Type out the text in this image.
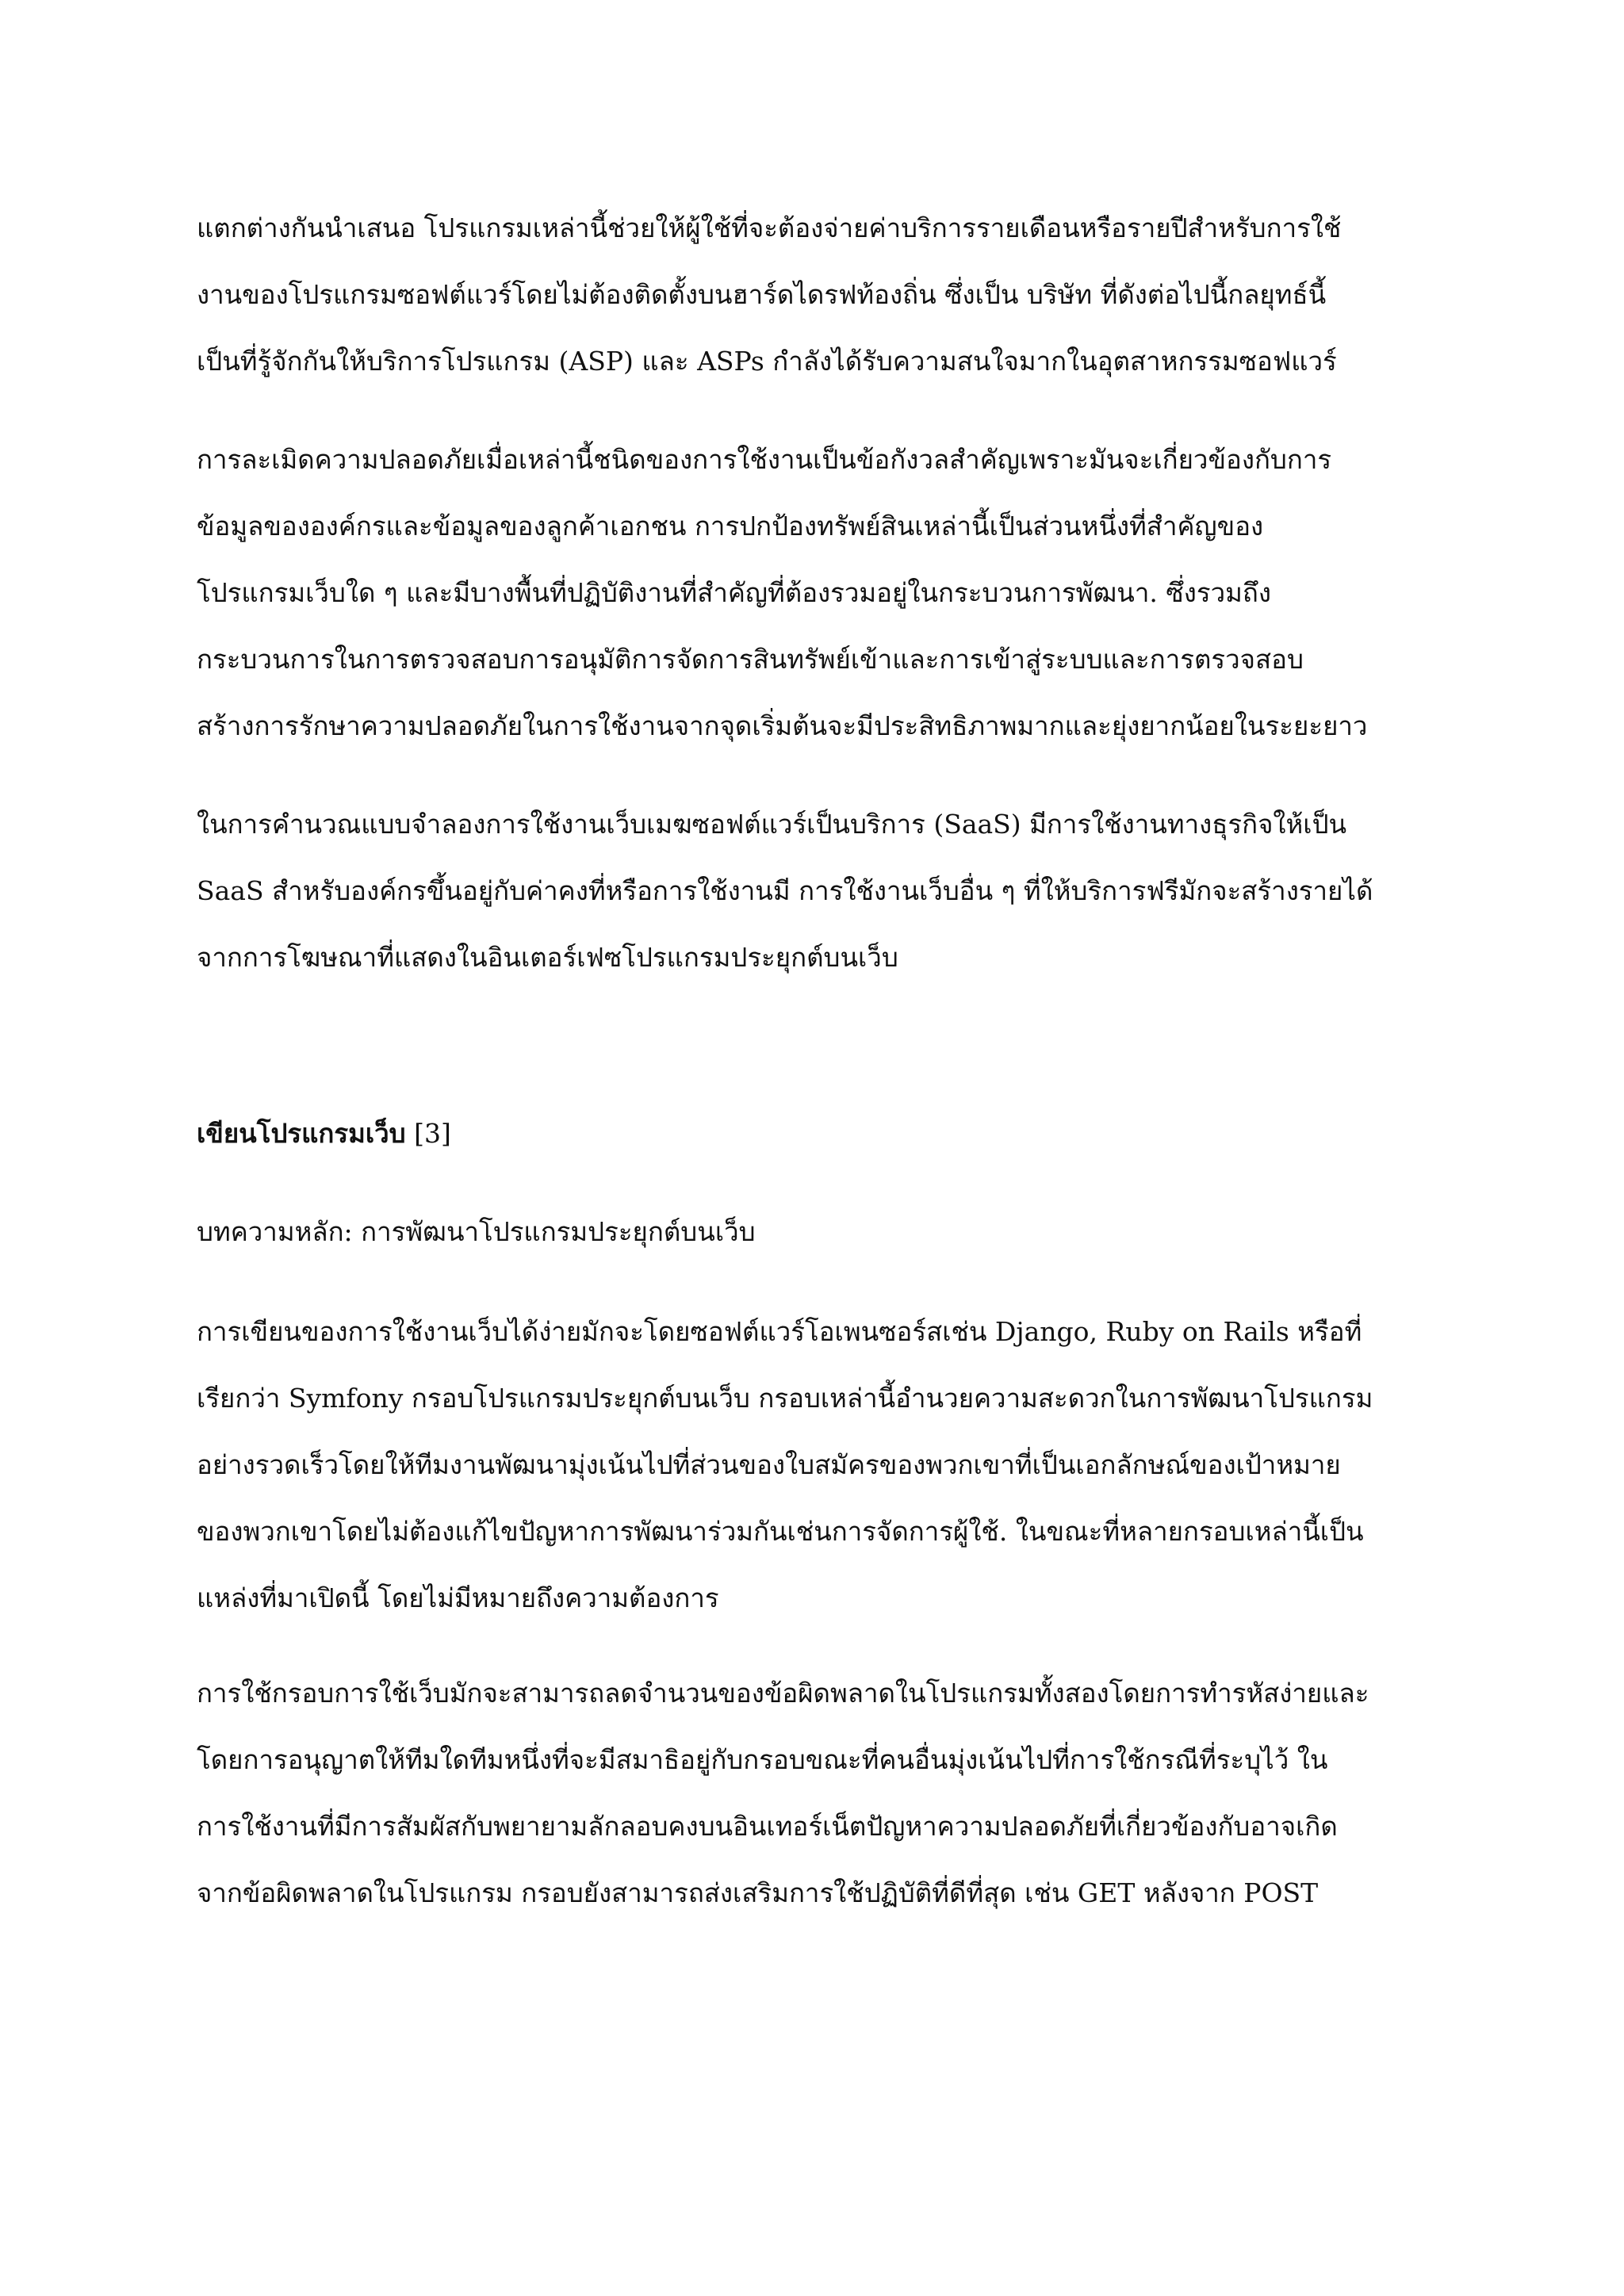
แตกต่างกันนำเสนอ โปรแกรมเหล่านี้ช่วยให้ผู้ใช้ที่จะต้องจ่ายค่าบริการรายเดือนหรือรายปีสำหรับการใช้
งานของโปรแกรมซอฟต์แวร์โดยไม่ต้องติดตั้งบนฮาร์ดไดรฟท้องถิ่น ซึ่งเป็น บริษัท ที่ดังต่อไปนี้กลยุทธ์นี้
เป็นที่รู้จักกันให้บริการโปรแกรม (ASP) และ ASPs กำลังได้รับความสนใจมากในอุตสาหกรรมซอฟแวร์
การละเมิดความปลอดภัยเมื่อเหล่านี้ชนิดของการใช้งานเป็นข้อกังวลสำคัญเพราะมันจะเกี่ยวข้องกับการ
ข้อมูลขององค์กรและข้อมูลของลูกค้าเอกชน การปกป้องทรัพย์สินเหล่านี้เป็นส่วนหนึ่งที่สำคัญของ
โปรแกรมเว็บใด ๆ และมีบางพื้นที่ปฏิบัติงานที่สำคัญที่ต้องรวมอยู่ในกระบวนการพัฒนา. ซึ่งรวมถึง
กระบวนการในการตรวจสอบการอนุมัติการจัดการสินทรัพย์เข้าและการเข้าสู่ระบบและการตรวจสอบ
สร้างการรักษาความปลอดภัยในการใช้งานจากจุดเริ่มต้นจะมีประสิทธิภาพมากและยุ่งยากน้อยในระยะยาว
ในการคำนวณแบบจำลองการใช้งานเว็บเมฆซอฟต์แวร์เป็นบริการ (SaaS) มีการใช้งานทางธุรกิจให้เป็น
SaaS สำหรับองค์กรขึ้นอยู่กับค่าคงที่หรือการใช้งานมี การใช้งานเว็บอื่น ๆ ที่ให้บริการฟรีมักจะสร้างรายได้
จากการโฆษณาที่แสดงในอินเตอร์เฟซโปรแกรมประยุกต์บนเว็บ
เขียนโปรแกรมเว็บ [3]
บทความหลัก: การพัฒนาโปรแกรมประยุกต์บนเว็บ
การเขียนของการใช้งานเว็บได้ง่ายมักจะโดยซอฟต์แวร์โอเพนซอร์สเช่น Django, Ruby on Rails หรือที่
เรียกว่า Symfony กรอบโปรแกรมประยุกต์บนเว็บ กรอบเหล่านี้อำนวยความสะดวกในการพัฒนาโปรแกรม
อย่างรวดเร็วโดยให้ทีมงานพัฒนามุ่งเน้นไปที่ส่วนของใบสมัครของพวกเขาที่เป็นเอกลักษณ์ของเป้าหมาย
ของพวกเขาโดยไม่ต้องแก้ไขปัญหาการพัฒนาร่วมกันเช่นการจัดการผู้ใช้. ในขณะที่หลายกรอบเหล่านี้เป็น
แหล่งที่มาเปิดนี้ โดยไม่มีหมายถึงความต้องการ
การใช้กรอบการใช้เว็บมักจะสามารถลดจำนวนของข้อผิดพลาดในโปรแกรมทั้งสองโดยการทำรหัสง่ายและ
โดยการอนุญาตให้ทีมใดทีมหนึ่งที่จะมีสมาธิอยู่กับกรอบขณะที่คนอื่นมุ่งเน้นไปที่การใช้กรณีที่ระบุไว้ ใน
การใช้งานที่มีการสัมผัสกับพยายามลักลอบคงบนอินเทอร์เน็ตปัญหาความปลอดภัยที่เกี่ยวข้องกับอาจเกิด
จากข้อผิดพลาดในโปรแกรม กรอบยังสามารถส่งเสริมการใช้ปฏิบัติที่ดีที่สุด เช่น GET หลังจาก POST
